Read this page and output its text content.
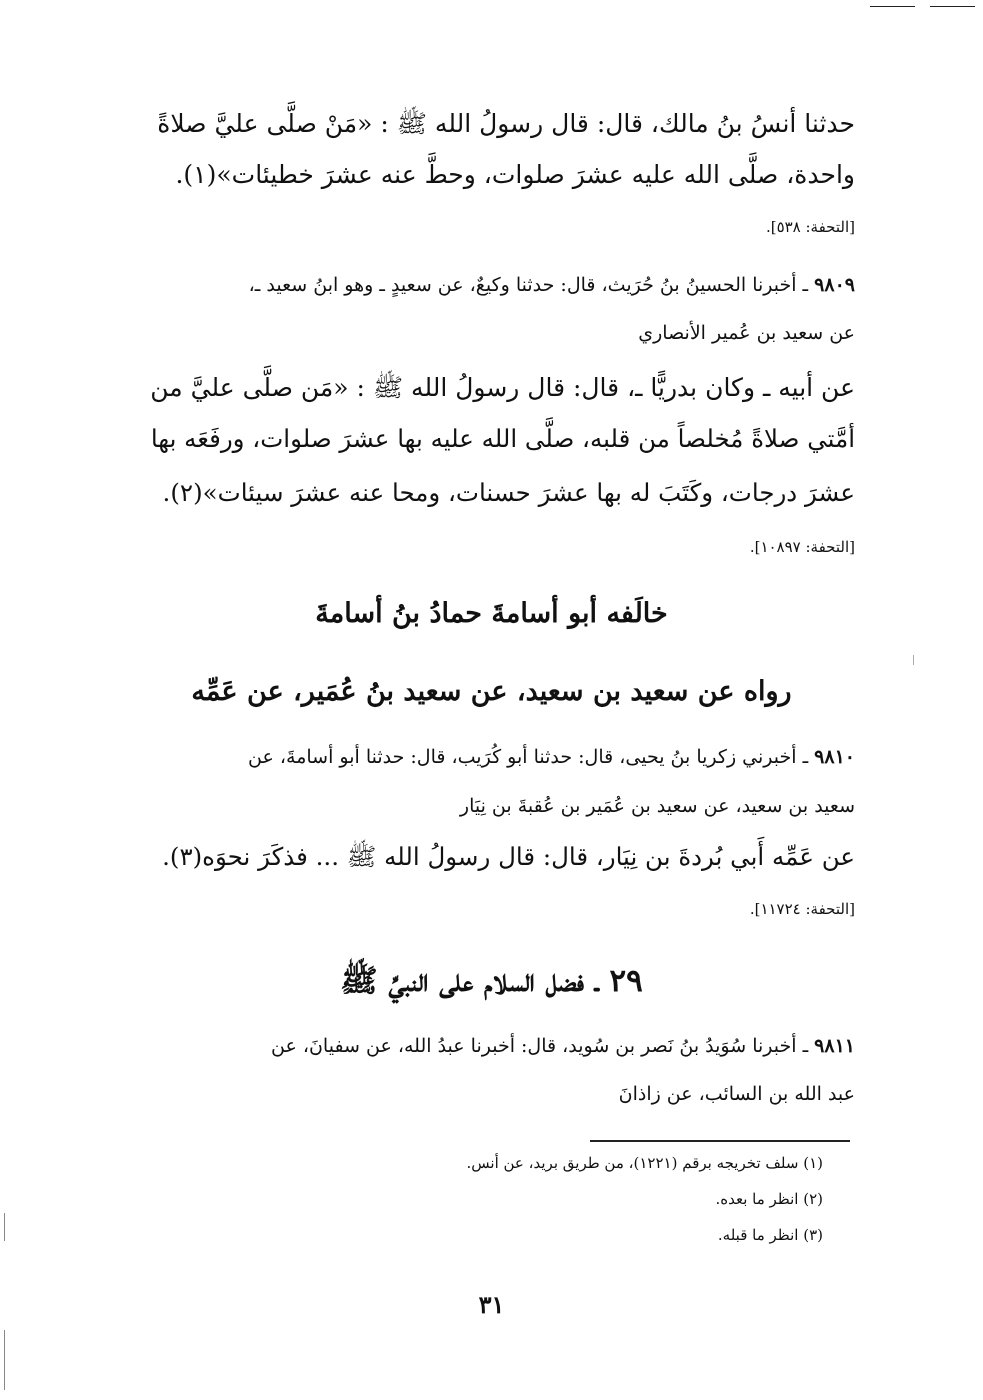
حدثنا أنسُ بنُ مالك، قال: قال رسولُ الله ﷺ : «مَنْ صلَّى عليَّ صلاةً
واحدة، صلَّى الله عليه عشرَ صلوات، وحطَّ عنه عشرَ خطيئات»(١).
[التحفة: ٥٣٨].
٩٨٠٩ ـ أخبرنا الحسينُ بنُ حُرَيث، قال: حدثنا وكيعٌ، عن سعيدٍ ـ وهو ابنُ سعيد ـ،
عن سعيد بن عُمير الأنصاري
عن أبيه ـ وكان بدريًّا ـ، قال: قال رسولُ الله ﷺ : «مَن صلَّى عليَّ من
أمَّتي صلاةً مُخلصاً من قلبه، صلَّى الله عليه بها عشرَ صلوات، ورفَعَه بها
عشرَ درجات، وكَتَبَ له بها عشرَ حسنات، ومحا عنه عشرَ سيئات»(٢).
[التحفة: ١٠٨٩٧].
خالَفه أبو أسامةَ حمادُ بنُ أسامةَ
رواه عن سعيد بن سعيد، عن سعيد بنُ عُمَير، عن عَمِّه
٩٨١٠ ـ أخبرني زكريا بنُ يحيى، قال: حدثنا أبو كُرَيب، قال: حدثنا أبو أسامةَ، عن
سعيد بن سعيد، عن سعيد بن عُمَير بن عُقبةَ بن نِيَار
عن عَمِّه أَبي بُردةَ بن نِيَار، قال: قال رسولُ الله ﷺ ... فذكَرَ نحوَه(٣).
[التحفة: ١١٧٢٤].
٢٩ ـ فضل السلام على النبيِّ ﷺ
٩٨١١ ـ أخبرنا سُوَيدُ بنُ نَصر بن سُويد، قال: أخبرنا عبدُ الله، عن سفيانَ، عن
عبد الله بن السائب، عن زاذانَ
(١) سلف تخريجه برقم (١٢٢١)، من طريق بريد، عن أنس.
(٢) انظر ما بعده.
(٣) انظر ما قبله.
٣١
